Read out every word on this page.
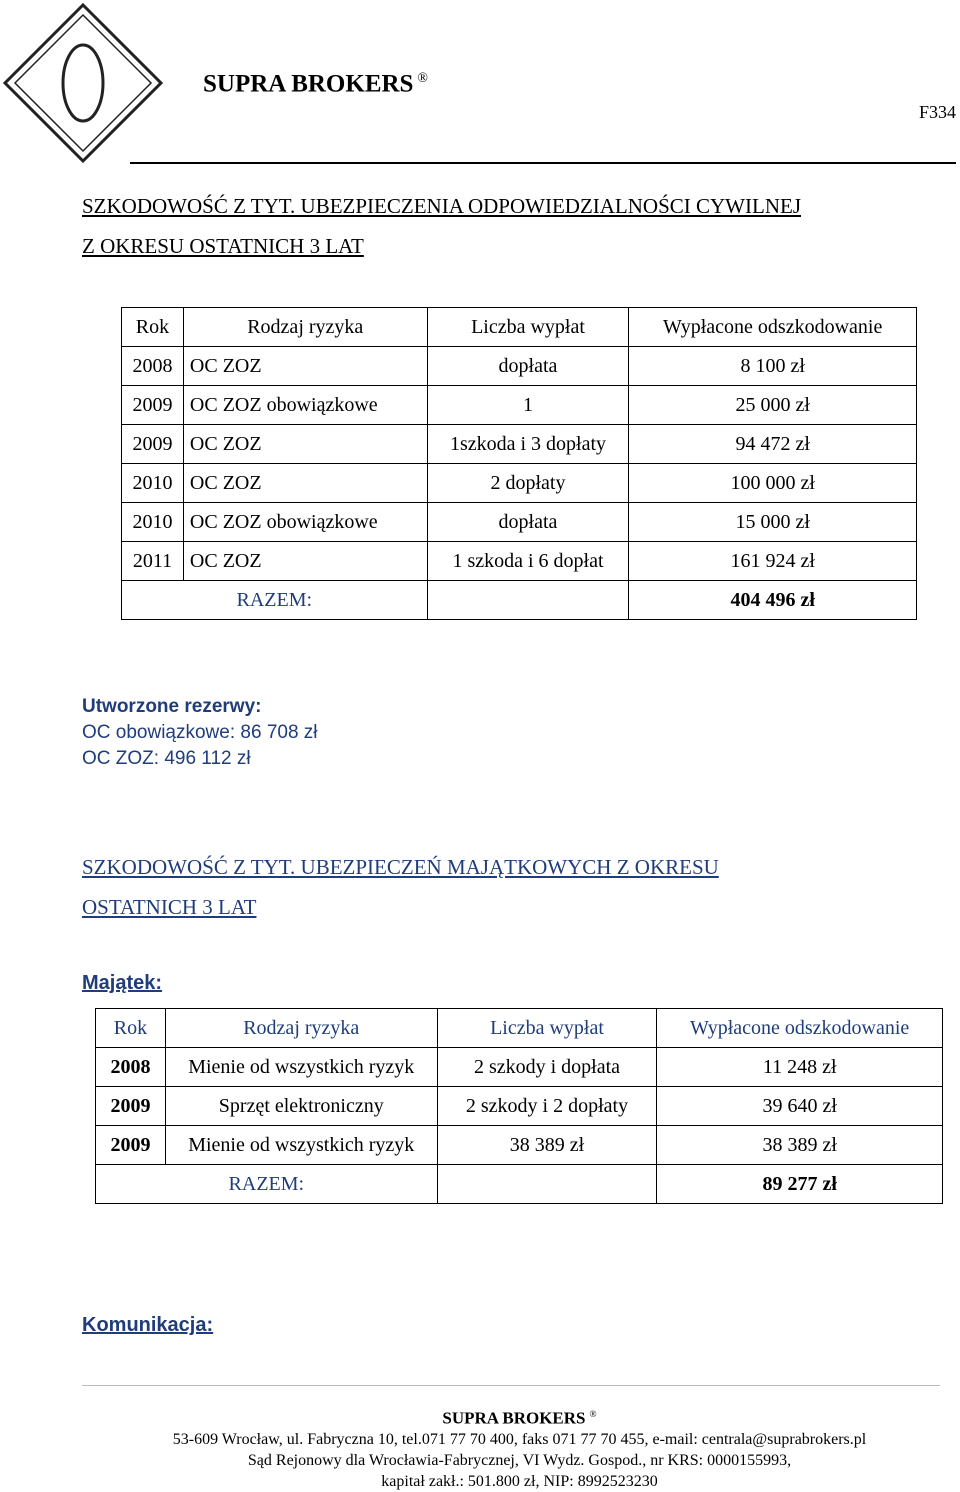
SUPRA BROKERS ®
F334
SZKODOWOŚĆ Z TYT. UBEZPIECZENIA ODPOWIEDZIALNOŚCI CYWILNEJ
Z OKRESU OSTATNICH 3 LAT
Rok	Rodzaj ryzyka	Liczba wypłat	Wypłacone odszkodowanie
2008	OC ZOZ	dopłata	8 100 zł
2009	OC ZOZ obowiązkowe	1	25 000 zł
2009	OC ZOZ	1szkoda i 3 dopłaty	94 472 zł
2010	OC ZOZ	2 dopłaty	100 000 zł
2010	OC ZOZ obowiązkowe	dopłata	15 000 zł
2011	OC ZOZ	1 szkoda i 6 dopłat	161 924 zł
RAZEM:			404 496 zł
Utworzone rezerwy:
OC obowiązkowe: 86 708 zł
OC ZOZ: 496 112 zł
SZKODOWOŚĆ Z TYT. UBEZPIECZEŃ MAJĄTKOWYCH Z OKRESU
OSTATNICH 3 LAT
Majątek:
Rok	Rodzaj ryzyka	Liczba wypłat	Wypłacone odszkodowanie
2008	Mienie od wszystkich ryzyk	2 szkody i dopłata	11 248 zł
2009	Sprzęt elektroniczny	2 szkody i 2 dopłaty	39 640 zł
2009	Mienie od wszystkich ryzyk	38 389 zł	38 389 zł
RAZEM:			89 277 zł
Komunikacja:
SUPRA BROKERS ®
53-609 Wrocław, ul. Fabryczna 10, tel.071 77 70 400, faks 071 77 70 455, e-mail: centrala@suprabrokers.pl
Sąd Rejonowy dla Wrocławia-Fabrycznej, VI Wydz. Gospod., nr KRS: 0000155993,
kapitał zakł.: 501.800 zł, NIP: 8992523230
